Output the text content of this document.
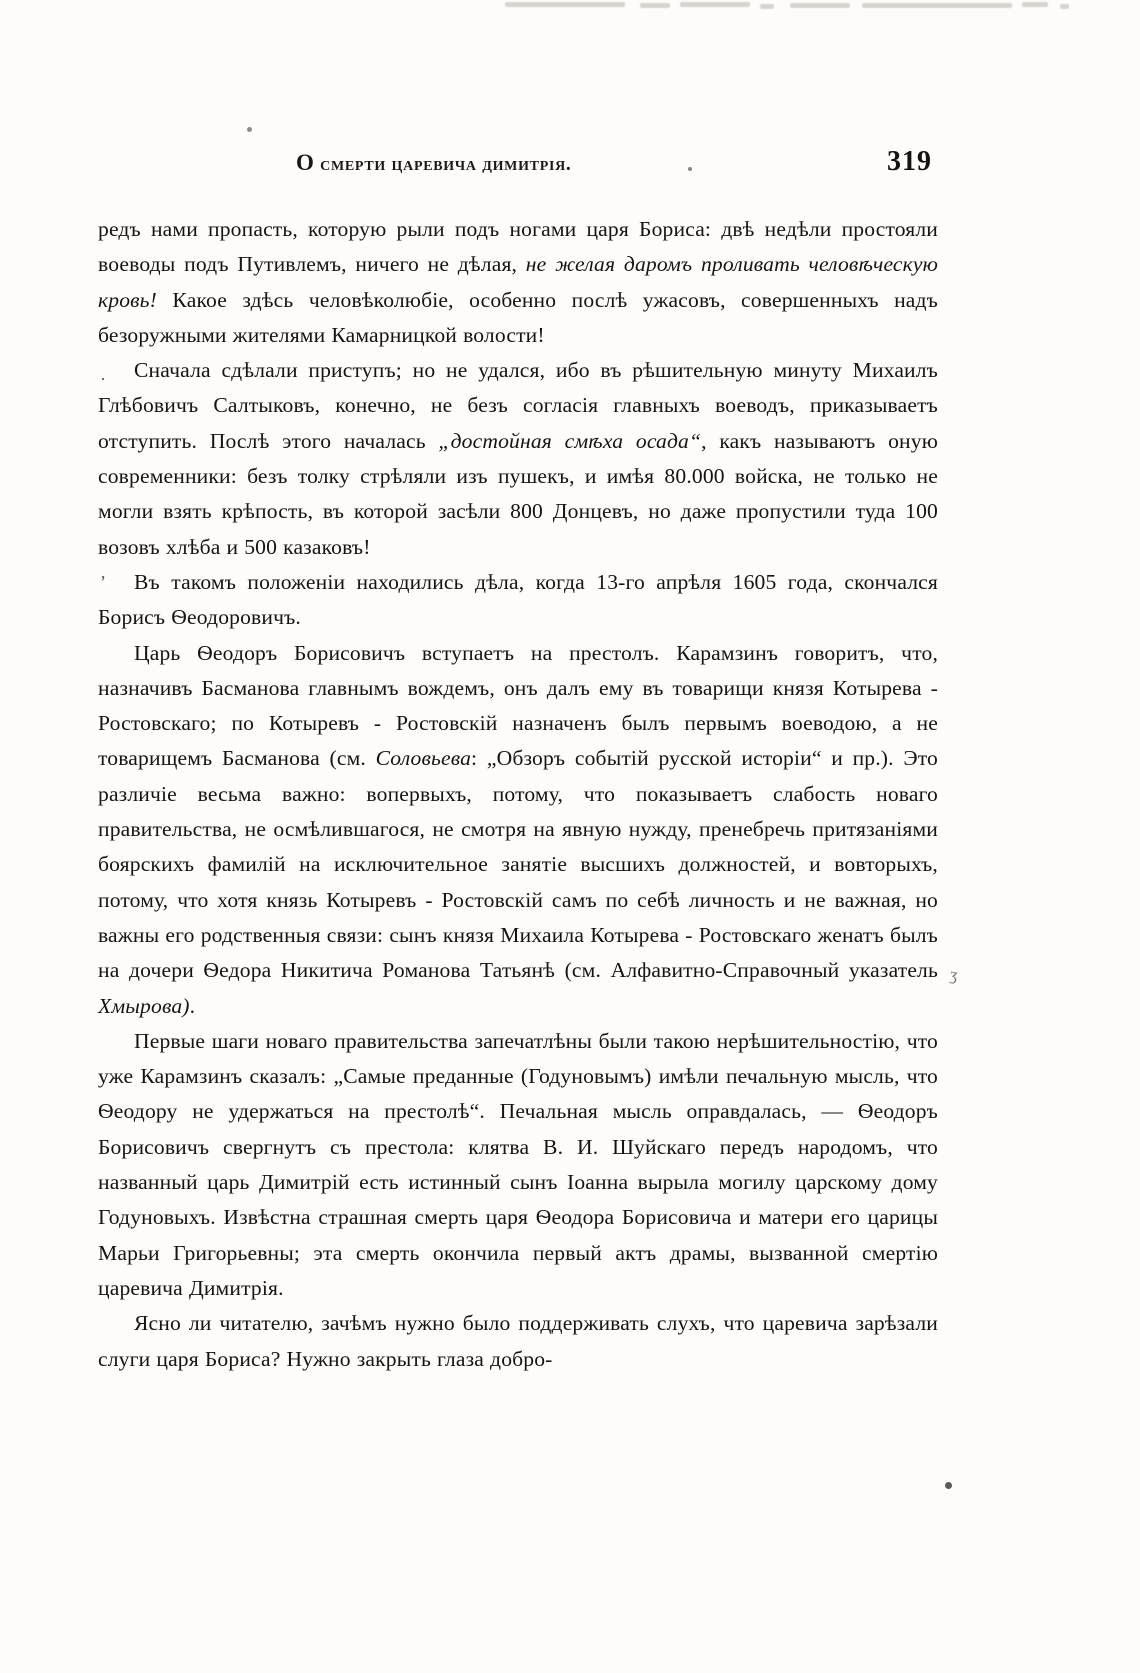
О смерти царевича димитрія.	319
ʒ
·
ʼ

редъ нами пропасть, которую рыли подъ ногами царя Бориса: двѣ недѣли простояли воеводы подъ Путивлемъ, ничего не дѣлая, не желая даромъ проливать человѣческую кровь! Какое здѣсь человѣколюбіе, особенно послѣ ужасовъ, совершенныхъ надъ безоружными жителями Камарницкой волости!

Сначала сдѣлали приступъ; но не удался, ибо въ рѣшительную минуту Михаилъ Глѣбовичъ Салтыковъ, конечно, не безъ согласія главныхъ воеводъ, приказываетъ отступить. Послѣ этого началась „достойная смѣха осада“, какъ называютъ оную современники: безъ толку стрѣляли изъ пушекъ, и имѣя 80.000 войска, не только не могли взять крѣпость, въ которой засѣли 800 Донцевъ, но даже пропустили туда 100 возовъ хлѣба и 500 казаковъ!

Въ такомъ положеніи находились дѣла, когда 13-го апрѣля 1605 года, скончался Борисъ Ѳеодоровичъ.

Царь Ѳеодоръ Борисовичъ вступаетъ на престолъ. Карамзинъ говоритъ, что, назначивъ Басманова главнымъ вождемъ, онъ далъ ему въ товарищи князя Котырева - Ростовскаго; по Котыревъ - Ростовскій назначенъ былъ первымъ воеводою, а не товарищемъ Басманова (см. Соловьева: „Обзоръ событій русской исторіи“ и пр.). Это различіе весьма важно: вопервыхъ, потому, что показываетъ слабость новаго правительства, не осмѣлившагося, не смотря на явную нужду, пренебречь притязаніями боярскихъ фамилій на исключительное занятіе высшихъ должностей, и вовторыхъ, потому, что хотя князь Котыревъ - Ростовскій самъ по себѣ личность и не важная, но важны его родственныя связи: сынъ князя Михаила Котырева - Ростовскаго женатъ былъ на дочери Ѳедора Никитича Романова Татьянѣ (см. Алфавитно-Справочный указатель Хмырова).

Первые шаги новаго правительства запечатлѣны были такою нерѣшительностію, что уже Карамзинъ сказалъ: „Самые преданные (Годуновымъ) имѣли печальную мысль, что Ѳеодору не удержаться на престолѣ“. Печальная мысль оправдалась, — Ѳеодоръ Борисовичъ свергнутъ съ престола: клятва В. И. Шуйскаго передъ народомъ, что названный царь Димитрій есть истинный сынъ Іоанна вырыла могилу царскому дому Годуновыхъ. Извѣстна страшная смерть царя Ѳеодора Борисовича и матери его царицы Марьи Григорьевны; эта смерть окончила первый актъ драмы, вызванной смертію царевича Димитрія.

Ясно ли читателю, зачѣмъ нужно было поддерживать слухъ, что царевича зарѣзали слуги царя Бориса? Нужно закрыть глаза добро-
